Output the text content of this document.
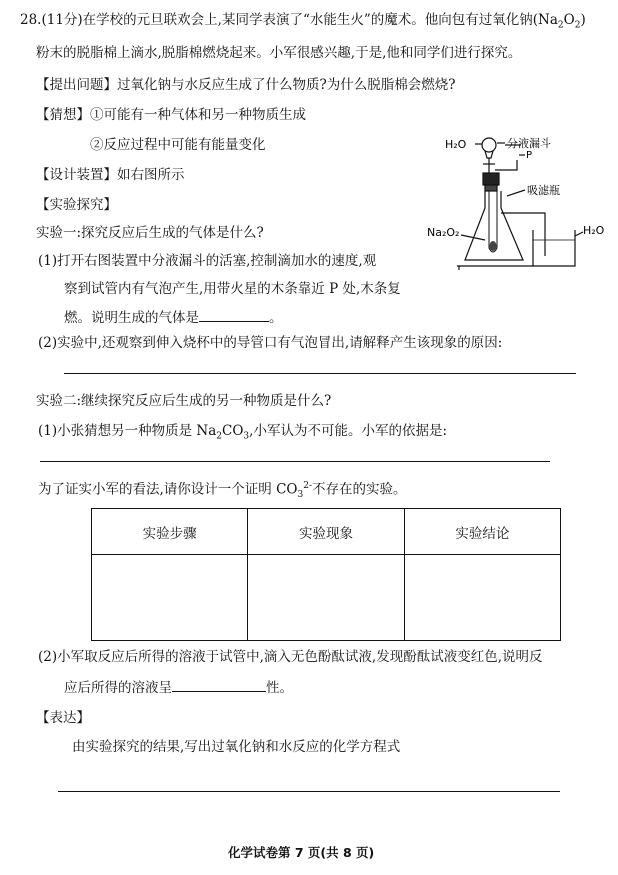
28.(11分)在学校的元旦联欢会上,某同学表演了“水能生火”的魔术。他向包有过氧化钠$(Na_2O_2)$
粉末的脱脂棉上滴水,脱脂棉燃烧起来。小军很感兴趣,于是,他和同学们进行探究。
【提出问题】过氧化钠与水反应生成了什么物质?为什么脱脂棉会燃烧?
【猜想】①可能有一种气体和另一种物质生成
②反应过程中可能有能量变化
【设计装置】如右图所示
【实验探究】
实验一:探究反应后生成的气体是什么?
(1)打开右图装置中分液漏斗的活塞,控制滴加水的速度,观
察到试管内有气泡产生,用带火星的木条靠近 P 处,木条复
燃。说明生成的气体是	。
H₂O	分液漏斗
P
吸滤瓶
Na₂O₂	H₂O
(2)实验中,还观察到伸入烧杯中的导管口有气泡冒出,请解释产生该现象的原因:
实验二:继续探究反应后生成的另一种物质是什么?
(1)小张猜想另一种物质是 $Na_2CO_3$,小军认为不可能。小军的依据是:
为了证实小军的看法,请你设计一个证明 $CO_3^{2-}$不存在的实验。
实验步骤	实验现象	实验结论

(2)小军取反应后所得的溶液于试管中,滴入无色酚酞试液,发现酚酞试液变红色,说明反
应后所得的溶液呈	性。
【表达】
由实验探究的结果,写出过氧化钠和水反应的化学方程式
化学试卷第 7 页(共 8 页)
